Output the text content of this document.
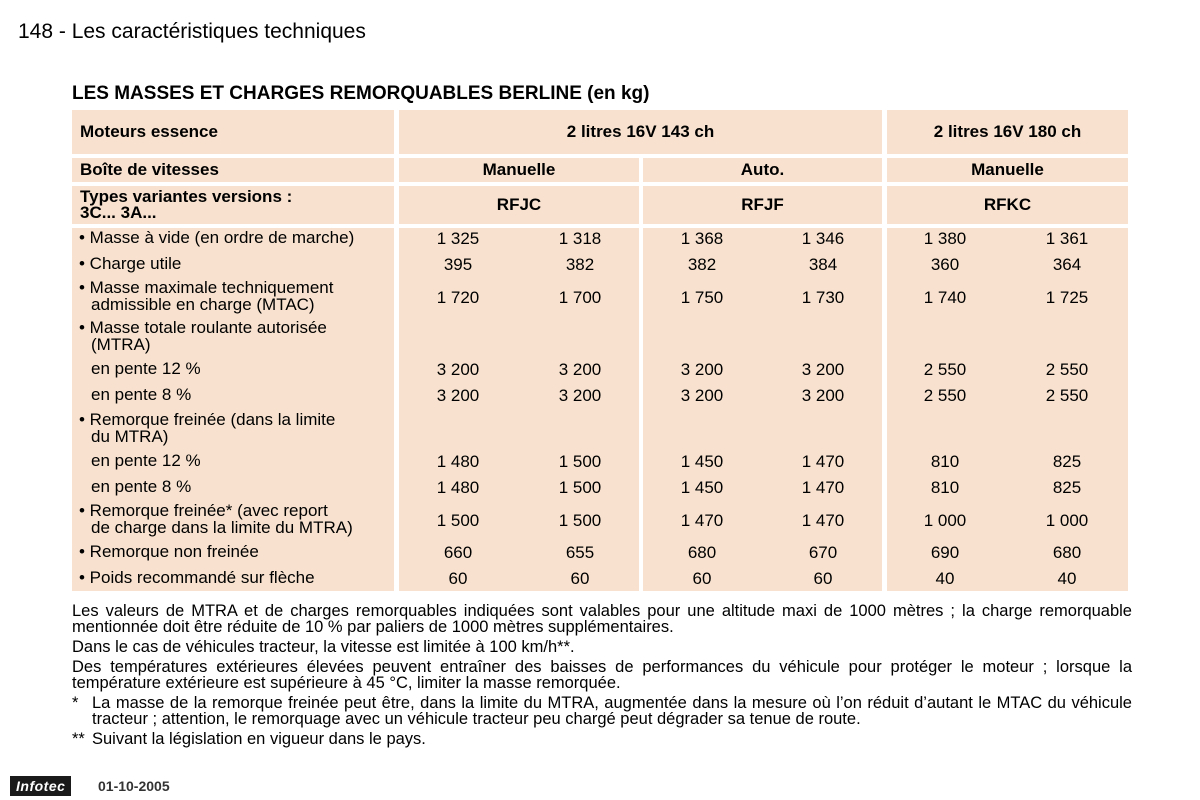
148 - Les caractéristiques techniques
LES MASSES ET CHARGES REMORQUABLES BERLINE (en kg)
Moteurs essence	2 litres 16V 143 ch	2 litres 16V 180 ch
Boîte de vitesses	Manuelle	Auto.	Manuelle
Types variantes versions :
3C... 3A...	RFJC	RFJF	RFKC
• Masse à vide (en ordre de marche)	1 325	1 318	1 368	1 346	1 380	1 361
• Charge utile	395	382	382	384	360	364
• Masse maximale techniquement
admissible en charge (MTAC)	1 720	1 700	1 750	1 730	1 740	1 725
• Masse totale roulante autorisée
(MTRA)
en pente 12 %	3 200	3 200	3 200	3 200	2 550	2 550
en pente 8 %	3 200	3 200	3 200	3 200	2 550	2 550
• Remorque freinée (dans la limite
du MTRA)
en pente 12 %	1 480	1 500	1 450	1 470	810	825
en pente 8 %	1 480	1 500	1 450	1 470	810	825
• Remorque freinée* (avec report
de charge dans la limite du MTRA)	1 500	1 500	1 470	1 470	1 000	1 000
• Remorque non freinée	660	655	680	670	690	680
• Poids recommandé sur flèche	60	60	60	60	40	40

Les valeurs de MTRA et de charges remorquables indiquées sont valables pour une altitude maxi de 1000 mètres ; la charge remorquable mentionnée doit être réduite de 10 % par paliers de 1000 mètres supplémentaires.

Dans le cas de véhicules tracteur, la vitesse est limitée à 100 km/h**.

Des températures extérieures élevées peuvent entraîner des baisses de performances du véhicule pour protéger le moteur ; lorsque la température extérieure est supérieure à 45 °C, limiter la masse remorquée.

* La masse de la remorque freinée peut être, dans la limite du MTRA, augmentée dans la mesure où l’on réduit d’autant le MTAC du véhicule tracteur ; attention, le remorquage avec un véhicule tracteur peu chargé peut dégrader sa tenue de route.
** Suivant la législation en vigueur dans le pays.
Infotec	01-10-2005
